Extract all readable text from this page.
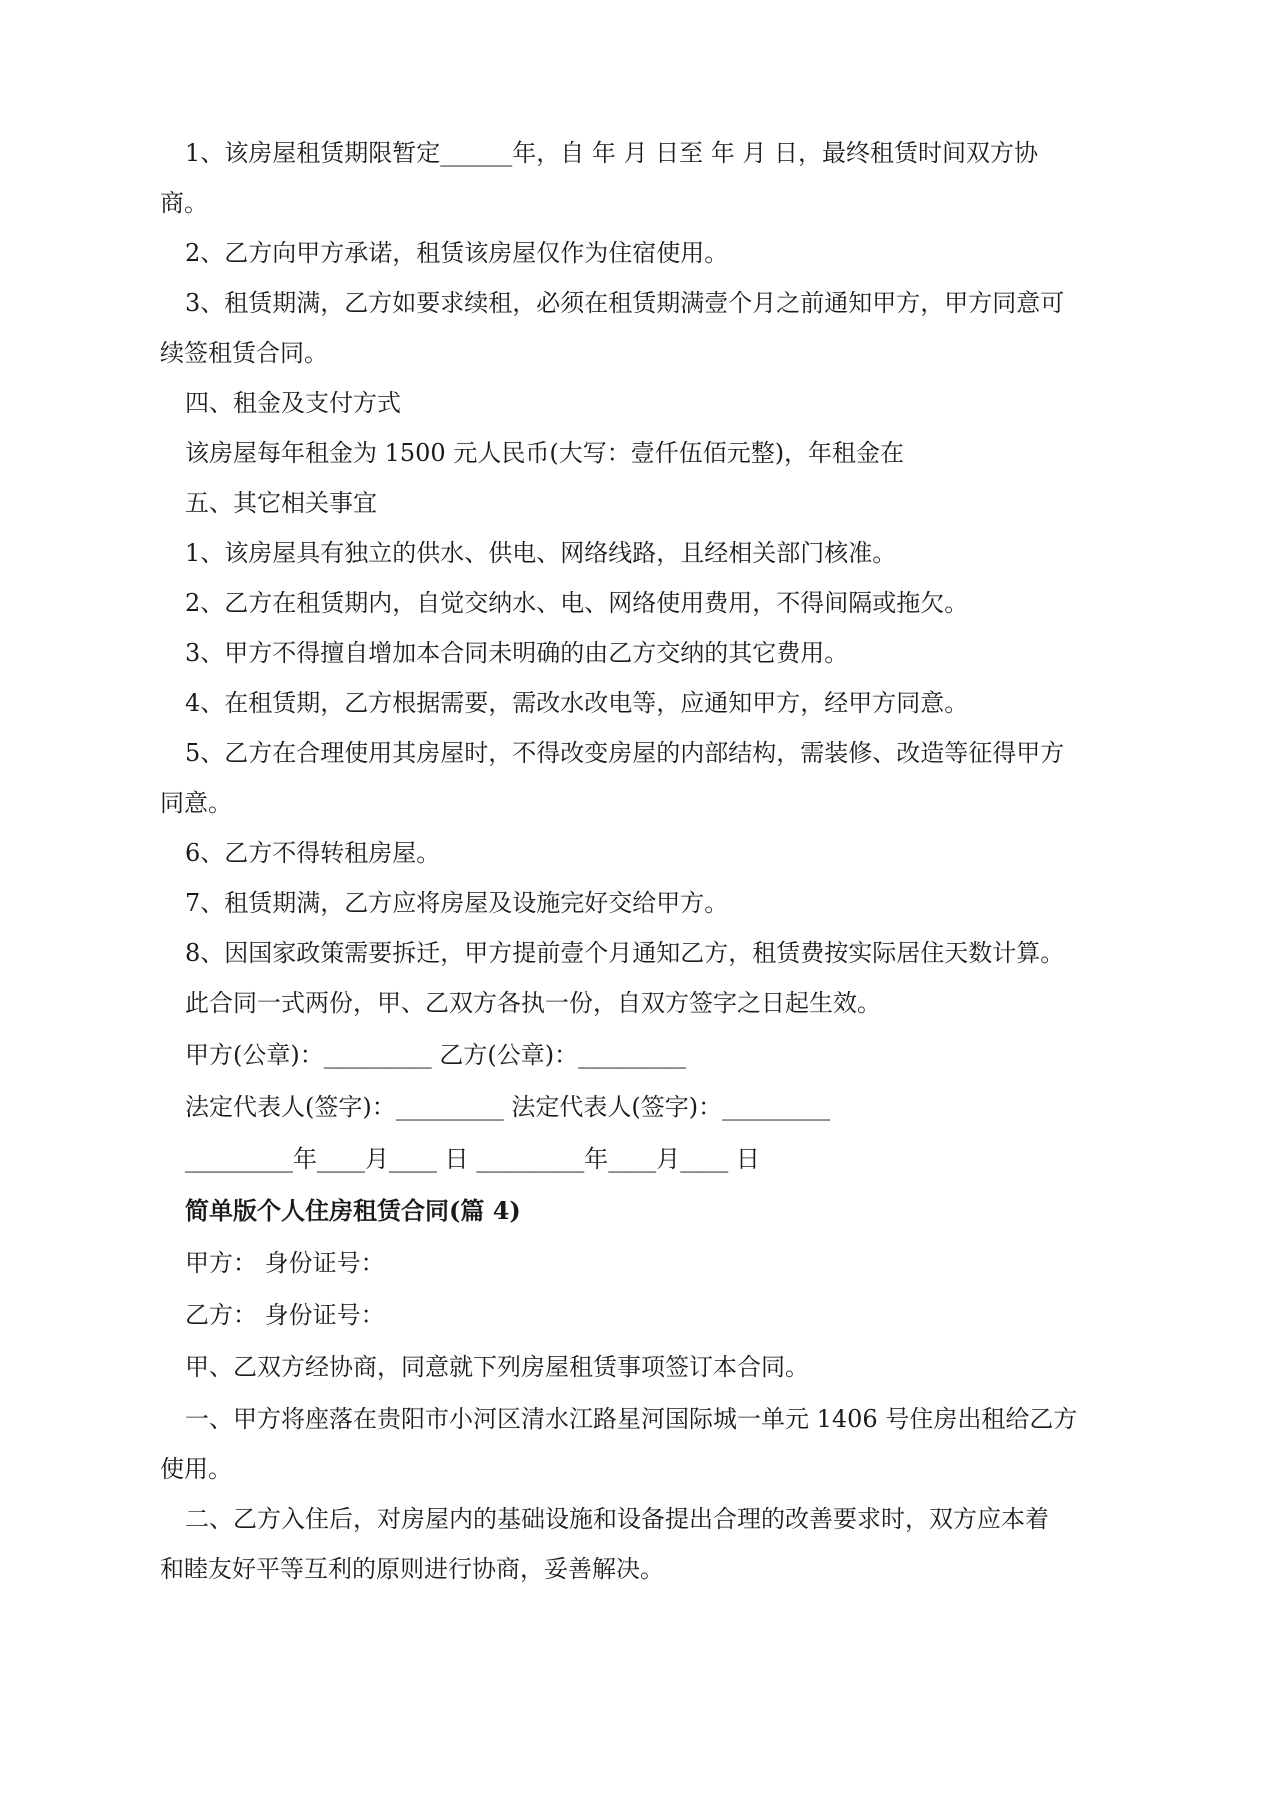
1、该房屋租赁期限暂定______年，自 年 月 日至 年 月 日，最终租赁时间双方协

商。

2、乙方向甲方承诺，租赁该房屋仅作为住宿使用。

3、租赁期满，乙方如要求续租，必须在租赁期满壹个月之前通知甲方，甲方同意可

续签租赁合同。

四、租金及支付方式

该房屋每年租金为 1500 元人民币(大写：壹仟伍佰元整)，年租金在

五、其它相关事宜

1、该房屋具有独立的供水、供电、网络线路，且经相关部门核准。

2、乙方在租赁期内，自觉交纳水、电、网络使用费用，不得间隔或拖欠。

3、甲方不得擅自增加本合同未明确的由乙方交纳的其它费用。

4、在租赁期，乙方根据需要，需改水改电等，应通知甲方，经甲方同意。

5、乙方在合理使用其房屋时，不得改变房屋的内部结构，需装修、改造等征得甲方

同意。

6、乙方不得转租房屋。

7、租赁期满，乙方应将房屋及设施完好交给甲方。

8、因国家政策需要拆迁，甲方提前壹个月通知乙方，租赁费按实际居住天数计算。

此合同一式两份，甲、乙双方各执一份，自双方签字之日起生效。

甲方(公章)：_________ 乙方(公章)：_________

法定代表人(签字)：_________ 法定代表人(签字)：_________

_________年____月____ 日 _________年____月____ 日

简单版个人住房租赁合同(篇 4)

甲方： 身份证号：

乙方： 身份证号：

甲、乙双方经协商，同意就下列房屋租赁事项签订本合同。

一、甲方将座落在贵阳市小河区清水江路星河国际城一单元 1406 号住房出租给乙方

使用。

二、乙方入住后，对房屋内的基础设施和设备提出合理的改善要求时，双方应本着

和睦友好平等互利的原则进行协商，妥善解决。
